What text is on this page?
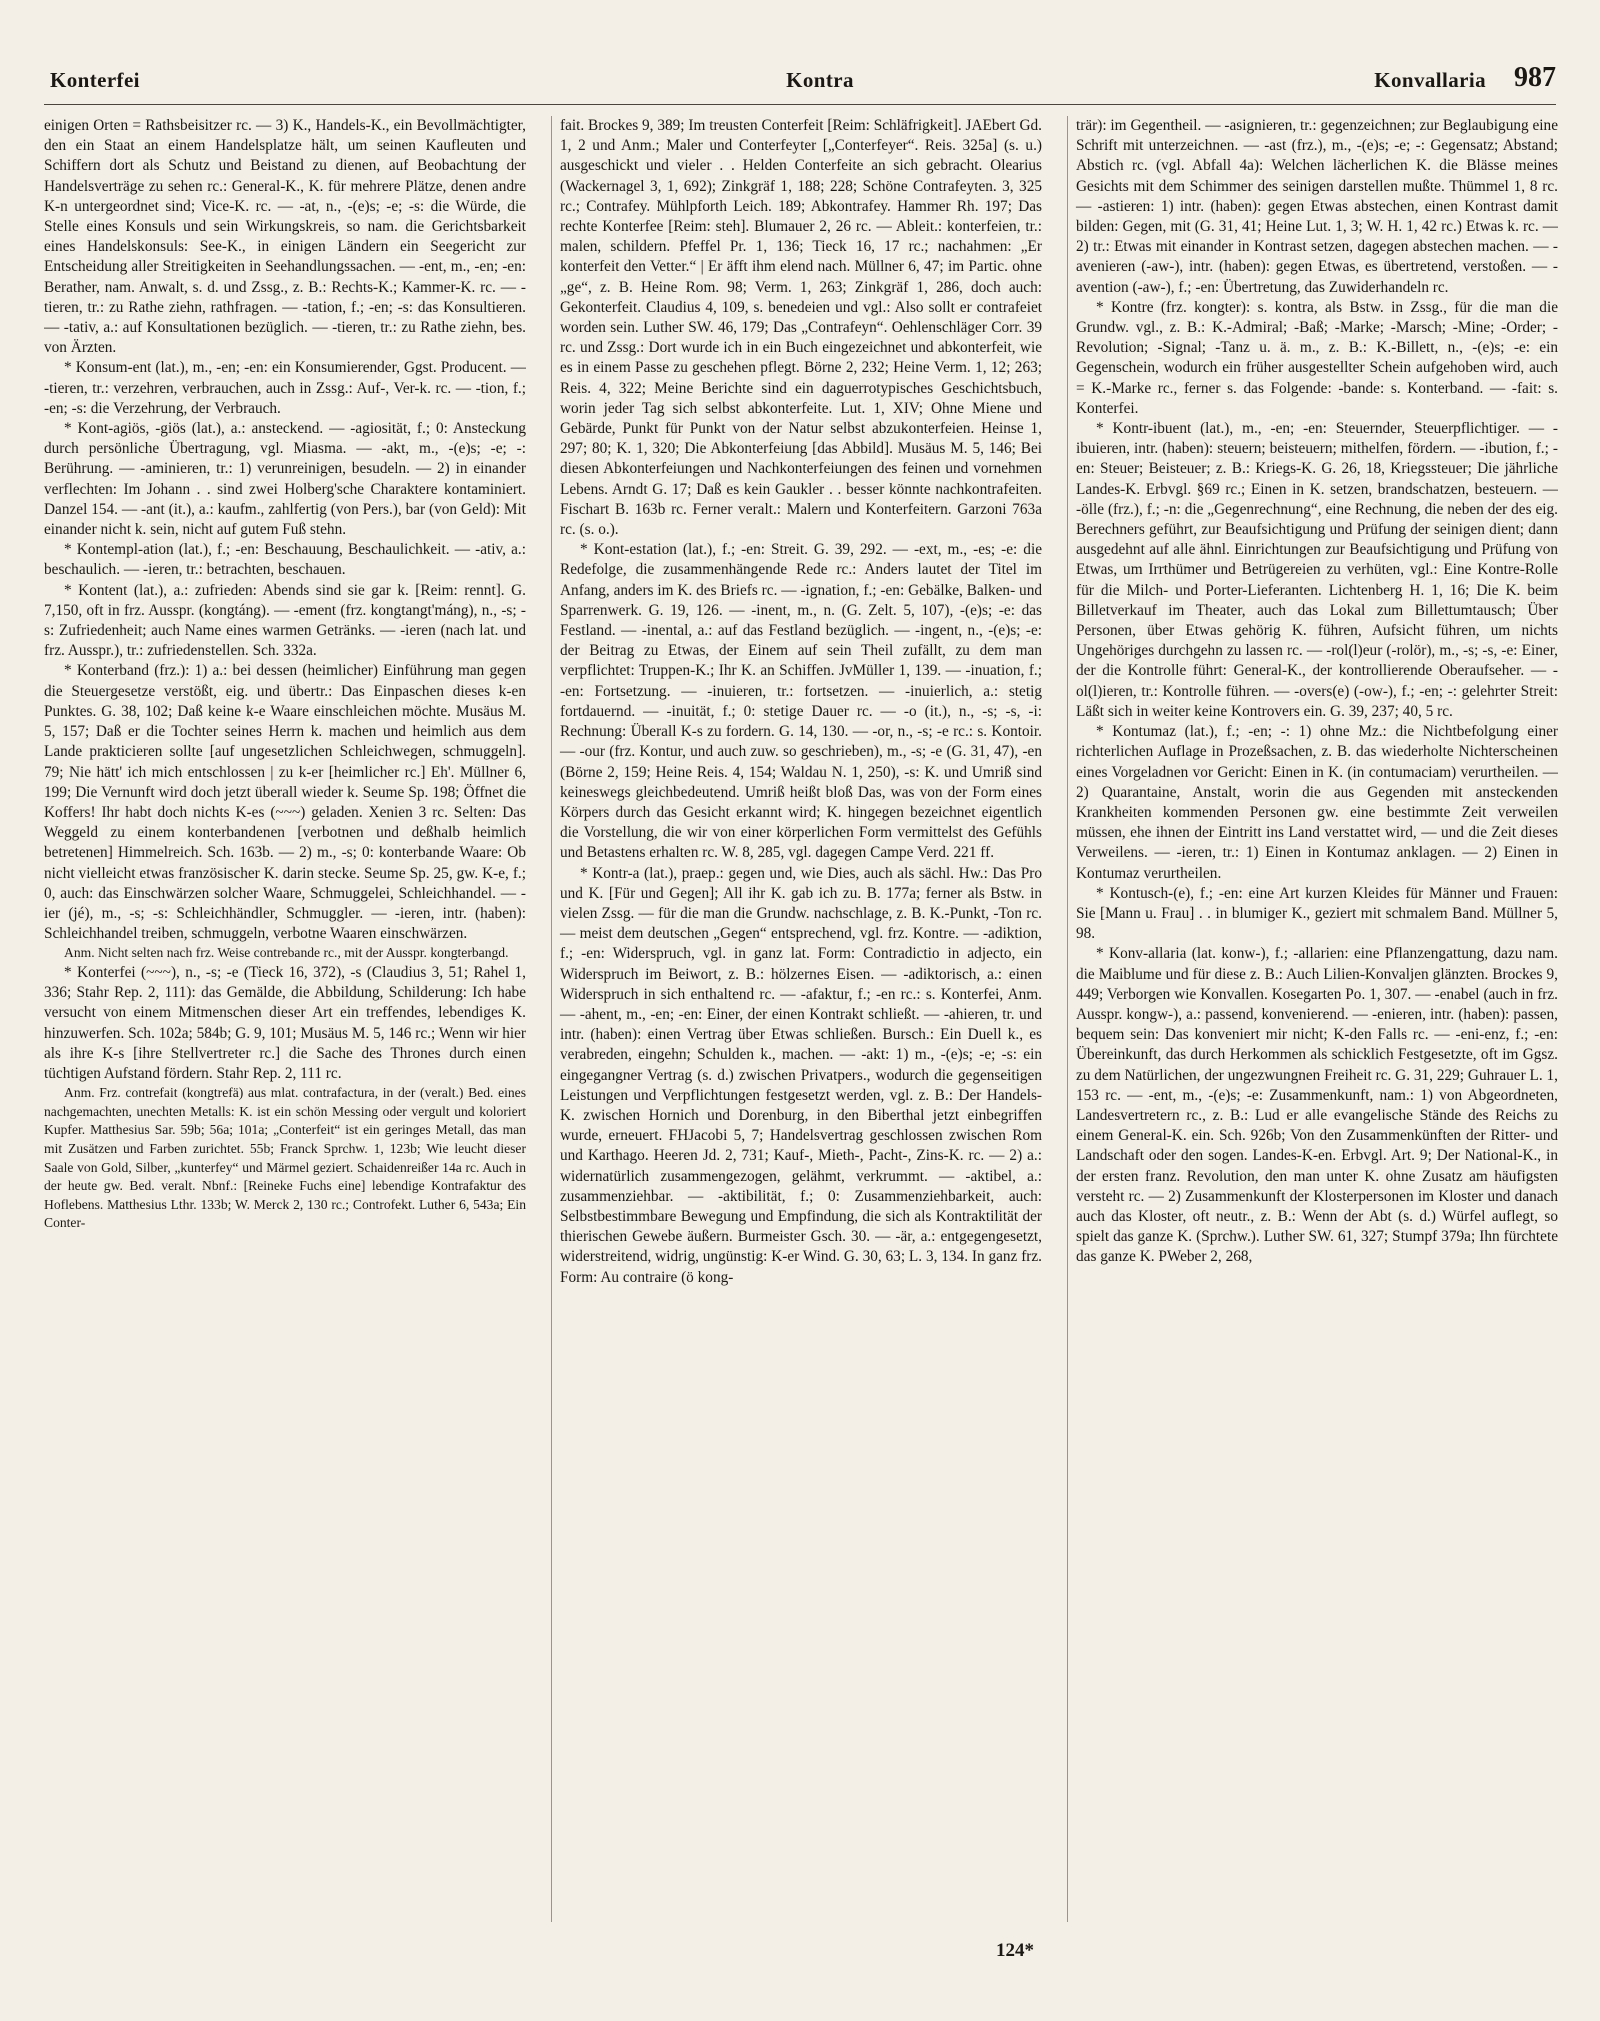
Konterfei	Kontra	Konvallaria	987

einigen Orten = Rathsbeisitzer rc. — 3) K., Handels-K., ein Bevollmächtigter, den ein Staat an einem Handelsplatze hält, um seinen Kaufleuten und Schiffern dort als Schutz und Beistand zu dienen, auf Beobachtung der Handelsverträge zu sehen rc.: General-K., K. für mehrere Plätze, denen andre K-n untergeordnet sind; Vice-K. rc. — -at, n., -(e)s; -e; -s: die Würde, die Stelle eines Konsuls und sein Wirkungskreis, so nam. die Gerichtsbarkeit eines Handelskonsuls: See-K., in einigen Ländern ein Seegericht zur Entscheidung aller Streitigkeiten in Seehandlungssachen. — -ent, m., -en; -en: Berather, nam. Anwalt, s. d. und Zssg., z. B.: Rechts-K.; Kammer-K. rc. — -tieren, tr.: zu Rathe ziehn, rathfragen. — -tation, f.; -en; -s: das Konsultieren. — -tativ, a.: auf Konsultationen bezüglich. — -tieren, tr.: zu Rathe ziehn, bes. von Ärzten.

* Konsum-ent (lat.), m., -en; -en: ein Konsumierender, Ggst. Producent. — -tieren, tr.: verzehren, verbrauchen, auch in Zssg.: Auf-, Ver-k. rc. — -tion, f.; -en; -s: die Verzehrung, der Verbrauch.

* Kont-agiös, -giös (lat.), a.: ansteckend. — -agiosität, f.; 0: Ansteckung durch persönliche Übertragung, vgl. Miasma. — -akt, m., -(e)s; -e; -: Berührung. — -aminieren, tr.: 1) verunreinigen, besudeln. — 2) in einander verflechten: Im Johann . . sind zwei Holberg'sche Charaktere kontaminiert. Danzel 154. — -ant (it.), a.: kaufm., zahlfertig (von Pers.), bar (von Geld): Mit einander nicht k. sein, nicht auf gutem Fuß stehn.

* Kontempl-ation (lat.), f.; -en: Beschauung, Beschaulichkeit. — -ativ, a.: beschaulich. — -ieren, tr.: betrachten, beschauen.

* Kontent (lat.), a.: zufrieden: Abends sind sie gar k. [Reim: rennt]. G. 7,150, oft in frz. Ausspr. (kongtáng). — -ement (frz. kongtangt'máng), n., -s; -s: Zufriedenheit; auch Name eines warmen Getränks. — -ieren (nach lat. und frz. Ausspr.), tr.: zufriedenstellen. Sch. 332a.

* Konterband (frz.): 1) a.: bei dessen (heimlicher) Einführung man gegen die Steuergesetze verstößt, eig. und übertr.: Das Einpaschen dieses k-en Punktes. G. 38, 102; Daß keine k-e Waare einschleichen möchte. Musäus M. 5, 157; Daß er die Tochter seines Herrn k. machen und heimlich aus dem Lande prakticieren sollte [auf ungesetzlichen Schleichwegen, schmuggeln]. 79; Nie hätt' ich mich entschlossen | zu k-er [heimlicher rc.] Eh'. Müllner 6, 199; Die Vernunft wird doch jetzt überall wieder k. Seume Sp. 198; Öffnet die Koffers! Ihr habt doch nichts K-es (~~~) geladen. Xenien 3 rc. Selten: Das Weggeld zu einem konterbandenen [verbotnen und deßhalb heimlich betretenen] Himmelreich. Sch. 163b. — 2) m., -s; 0: konterbande Waare: Ob nicht vielleicht etwas französischer K. darin stecke. Seume Sp. 25, gw. K-e, f.; 0, auch: das Einschwärzen solcher Waare, Schmuggelei, Schleichhandel. — -ier (jé), m., -s; -s: Schleichhändler, Schmuggler. — -ieren, intr. (haben): Schleichhandel treiben, schmuggeln, verbotne Waaren einschwärzen.

Anm. Nicht selten nach frz. Weise contrebande rc., mit der Ausspr. kongterbangd.

* Konterfei (~~~), n., -s; -e (Tieck 16, 372), -s (Claudius 3, 51; Rahel 1, 336; Stahr Rep. 2, 111): das Gemälde, die Abbildung, Schilderung: Ich habe versucht von einem Mitmenschen dieser Art ein treffendes, lebendiges K. hinzuwerfen. Sch. 102a; 584b; G. 9, 101; Musäus M. 5, 146 rc.; Wenn wir hier als ihre K-s [ihre Stellvertreter rc.] die Sache des Thrones durch einen tüchtigen Aufstand fördern. Stahr Rep. 2, 111 rc.

Anm. Frz. contrefait (kongtrefä) aus mlat. contrafactura, in der (veralt.) Bed. eines nachgemachten, unechten Metalls: K. ist ein schön Messing oder vergult und koloriert Kupfer. Matthesius Sar. 59b; 56a; 101a; „Conterfeit“ ist ein geringes Metall, das man mit Zusätzen und Farben zurichtet. 55b; Franck Sprchw. 1, 123b; Wie leucht dieser Saale von Gold, Silber, „kunterfey“ und Märmel geziert. Schaidenreißer 14a rc. Auch in der heute gw. Bed. veralt. Nbnf.: [Reineke Fuchs eine] lebendige Kontrafaktur des Hoflebens. Matthesius Lthr. 133b; W. Merck 2, 130 rc.; Controfekt. Luther 6, 543a; Ein Conter-

fait. Brockes 9, 389; Im treusten Conterfeit [Reim: Schläfrigkeit]. JAEbert Gd. 1, 2 und Anm.; Maler und Conterfeyter [„Conterfeyer“. Reis. 325a] (s. u.) ausgeschickt und vieler . . Helden Conterfeite an sich gebracht. Olearius (Wackernagel 3, 1, 692); Zinkgräf 1, 188; 228; Schöne Contrafeyten. 3, 325 rc.; Contrafey. Mühlpforth Leich. 189; Abkontrafey. Hammer Rh. 197; Das rechte Konterfee [Reim: steh]. Blumauer 2, 26 rc. — Ableit.: konterfeien, tr.: malen, schildern. Pfeffel Pr. 1, 136; Tieck 16, 17 rc.; nachahmen: „Er konterfeit den Vetter.“ | Er äfft ihm elend nach. Müllner 6, 47; im Partic. ohne „ge“, z. B. Heine Rom. 98; Verm. 1, 263; Zinkgräf 1, 286, doch auch: Gekonterfeit. Claudius 4, 109, s. benedeien und vgl.: Also sollt er contrafeiet worden sein. Luther SW. 46, 179; Das „Contrafeyn“. Oehlenschläger Corr. 39 rc. und Zssg.: Dort wurde ich in ein Buch eingezeichnet und abkonterfeit, wie es in einem Passe zu geschehen pflegt. Börne 2, 232; Heine Verm. 1, 12; 263; Reis. 4, 322; Meine Berichte sind ein daguerrotypisches Geschichtsbuch, worin jeder Tag sich selbst abkonterfeite. Lut. 1, XIV; Ohne Miene und Gebärde, Punkt für Punkt von der Natur selbst abzukonterfeien. Heinse 1, 297; 80; K. 1, 320; Die Abkonterfeiung [das Abbild]. Musäus M. 5, 146; Bei diesen Abkonterfeiungen und Nachkonterfeiungen des feinen und vornehmen Lebens. Arndt G. 17; Daß es kein Gaukler . . besser könnte nachkontrafeiten. Fischart B. 163b rc. Ferner veralt.: Malern und Konterfeitern. Garzoni 763a rc. (s. o.).

* Kont-estation (lat.), f.; -en: Streit. G. 39, 292. — -ext, m., -es; -e: die Redefolge, die zusammenhängende Rede rc.: Anders lautet der Titel im Anfang, anders im K. des Briefs rc. — -ignation, f.; -en: Gebälke, Balken- und Sparrenwerk. G. 19, 126. — -inent, m., n. (G. Zelt. 5, 107), -(e)s; -e: das Festland. — -inental, a.: auf das Festland bezüglich. — -ingent, n., -(e)s; -e: der Beitrag zu Etwas, der Einem auf sein Theil zufällt, zu dem man verpflichtet: Truppen-K.; Ihr K. an Schiffen. JvMüller 1, 139. — -inuation, f.; -en: Fortsetzung. — -inuieren, tr.: fortsetzen. — -inuierlich, a.: stetig fortdauernd. — -inuität, f.; 0: stetige Dauer rc. — -o (it.), n., -s; -s, -i: Rechnung: Überall K-s zu fordern. G. 14, 130. — -or, n., -s; -e rc.: s. Kontoir. — -our (frz. Kontur, und auch zuw. so geschrieben), m., -s; -e (G. 31, 47), -en (Börne 2, 159; Heine Reis. 4, 154; Waldau N. 1, 250), -s: K. und Umriß sind keineswegs gleichbedeutend. Umriß heißt bloß Das, was von der Form eines Körpers durch das Gesicht erkannt wird; K. hingegen bezeichnet eigentlich die Vorstellung, die wir von einer körperlichen Form vermittelst des Gefühls und Betastens erhalten rc. W. 8, 285, vgl. dagegen Campe Verd. 221 ff.

* Kontr-a (lat.), praep.: gegen und, wie Dies, auch als sächl. Hw.: Das Pro und K. [Für und Gegen]; All ihr K. gab ich zu. B. 177a; ferner als Bstw. in vielen Zssg. — für die man die Grundw. nachschlage, z. B. K.-Punkt, -Ton rc. — meist dem deutschen „Gegen“ entsprechend, vgl. frz. Kontre. — -adiktion, f.; -en: Widerspruch, vgl. in ganz lat. Form: Contradictio in adjecto, ein Widerspruch im Beiwort, z. B.: hölzernes Eisen. — -adiktorisch, a.: einen Widerspruch in sich enthaltend rc. — -afaktur, f.; -en rc.: s. Konterfei, Anm. — -ahent, m., -en; -en: Einer, der einen Kontrakt schließt. — -ahieren, tr. und intr. (haben): einen Vertrag über Etwas schließen. Bursch.: Ein Duell k., es verabreden, eingehn; Schulden k., machen. — -akt: 1) m., -(e)s; -e; -s: ein eingegangner Vertrag (s. d.) zwischen Privatpers., wodurch die gegenseitigen Leistungen und Verpflichtungen festgesetzt werden, vgl. z. B.: Der Handels-K. zwischen Hornich und Dorenburg, in den Biberthal jetzt einbegriffen wurde, erneuert. FHJacobi 5, 7; Handelsvertrag geschlossen zwischen Rom und Karthago. Heeren Jd. 2, 731; Kauf-, Mieth-, Pacht-, Zins-K. rc. — 2) a.: widernatürlich zusammengezogen, gelähmt, verkrummt. — -aktibel, a.: zusammenziehbar. — -aktibilität, f.; 0: Zusammenziehbarkeit, auch: Selbstbestimmbare Bewegung und Empfindung, die sich als Kontraktilität der thierischen Gewebe äußern. Burmeister Gsch. 30. — -är, a.: entgegengesetzt, widerstreitend, widrig, ungünstig: K-er Wind. G. 30, 63; L. 3, 134. In ganz frz. Form: Au contraire (ö kong-

trär): im Gegentheil. — -asignieren, tr.: gegenzeichnen; zur Beglaubigung eine Schrift mit unterzeichnen. — -ast (frz.), m., -(e)s; -e; -: Gegensatz; Abstand; Abstich rc. (vgl. Abfall 4a): Welchen lächerlichen K. die Blässe meines Gesichts mit dem Schimmer des seinigen darstellen mußte. Thümmel 1, 8 rc. — -astieren: 1) intr. (haben): gegen Etwas abstechen, einen Kontrast damit bilden: Gegen, mit (G. 31, 41; Heine Lut. 1, 3; W. H. 1, 42 rc.) Etwas k. rc. — 2) tr.: Etwas mit einander in Kontrast setzen, dagegen abstechen machen. — -avenieren (-aw-), intr. (haben): gegen Etwas, es übertretend, verstoßen. — -avention (-aw-), f.; -en: Übertretung, das Zuwiderhandeln rc.

* Kontre (frz. kongter): s. kontra, als Bstw. in Zssg., für die man die Grundw. vgl., z. B.: K.-Admiral; -Baß; -Marke; -Marsch; -Mine; -Order; -Revolution; -Signal; -Tanz u. ä. m., z. B.: K.-Billett, n., -(e)s; -e: ein Gegenschein, wodurch ein früher ausgestellter Schein aufgehoben wird, auch = K.-Marke rc., ferner s. das Folgende: -bande: s. Konterband. — -fait: s. Konterfei.

* Kontr-ibuent (lat.), m., -en; -en: Steuernder, Steuerpflichtiger. — -ibuieren, intr. (haben): steuern; beisteuern; mithelfen, fördern. — -ibution, f.; -en: Steuer; Beisteuer; z. B.: Kriegs-K. G. 26, 18, Kriegssteuer; Die jährliche Landes-K. Erbvgl. §69 rc.; Einen in K. setzen, brandschatzen, besteuern. — -ölle (frz.), f.; -n: die „Gegenrechnung“, eine Rechnung, die neben der des eig. Berechners geführt, zur Beaufsichtigung und Prüfung der seinigen dient; dann ausgedehnt auf alle ähnl. Einrichtungen zur Beaufsichtigung und Prüfung von Etwas, um Irrthümer und Betrügereien zu verhüten, vgl.: Eine Kontre-Rolle für die Milch- und Porter-Lieferanten. Lichtenberg H. 1, 16; Die K. beim Billetverkauf im Theater, auch das Lokal zum Billettumtausch; Über Personen, über Etwas gehörig K. führen, Aufsicht führen, um nichts Ungehöriges durchgehn zu lassen rc. — -rol(l)eur (-rolör), m., -s; -s, -e: Einer, der die Kontrolle führt: General-K., der kontrollierende Oberaufseher. — -ol(l)ieren, tr.: Kontrolle führen. — -overs(e) (-ow-), f.; -en; -: gelehrter Streit: Läßt sich in weiter keine Kontrovers ein. G. 39, 237; 40, 5 rc.

* Kontumaz (lat.), f.; -en; -: 1) ohne Mz.: die Nichtbefolgung einer richterlichen Auflage in Prozeßsachen, z. B. das wiederholte Nichterscheinen eines Vorgeladnen vor Gericht: Einen in K. (in contumaciam) verurtheilen. — 2) Quarantaine, Anstalt, worin die aus Gegenden mit ansteckenden Krankheiten kommenden Personen gw. eine bestimmte Zeit verweilen müssen, ehe ihnen der Eintritt ins Land verstattet wird, — und die Zeit dieses Verweilens. — -ieren, tr.: 1) Einen in Kontumaz anklagen. — 2) Einen in Kontumaz verurtheilen.

* Kontusch-(e), f.; -en: eine Art kurzen Kleides für Männer und Frauen: Sie [Mann u. Frau] . . in blumiger K., geziert mit schmalem Band. Müllner 5, 98.

* Konv-allaria (lat. konw-), f.; -allarien: eine Pflanzengattung, dazu nam. die Maiblume und für diese z. B.: Auch Lilien-Konvaljen glänzten. Brockes 9, 449; Verborgen wie Konvallen. Kosegarten Po. 1, 307. — -enabel (auch in frz. Ausspr. kongw-), a.: passend, konvenierend. — -enieren, intr. (haben): passen, bequem sein: Das konveniert mir nicht; K-den Falls rc. — -eni-enz, f.; -en: Übereinkunft, das durch Herkommen als schicklich Festgesetzte, oft im Ggsz. zu dem Natürlichen, der ungezwungnen Freiheit rc. G. 31, 229; Guhrauer L. 1, 153 rc. — -ent, m., -(e)s; -e: Zusammenkunft, nam.: 1) von Abgeordneten, Landesvertretern rc., z. B.: Lud er alle evangelische Stände des Reichs zu einem General-K. ein. Sch. 926b; Von den Zusammenkünften der Ritter- und Landschaft oder den sogen. Landes-K-en. Erbvgl. Art. 9; Der National-K., in der ersten franz. Revolution, den man unter K. ohne Zusatz am häufigsten versteht rc. — 2) Zusammenkunft der Klosterpersonen im Kloster und danach auch das Kloster, oft neutr., z. B.: Wenn der Abt (s. d.) Würfel auflegt, so spielt das ganze K. (Sprchw.). Luther SW. 61, 327; Stumpf 379a; Ihn fürchtete das ganze K. PWeber 2, 268,

124*
